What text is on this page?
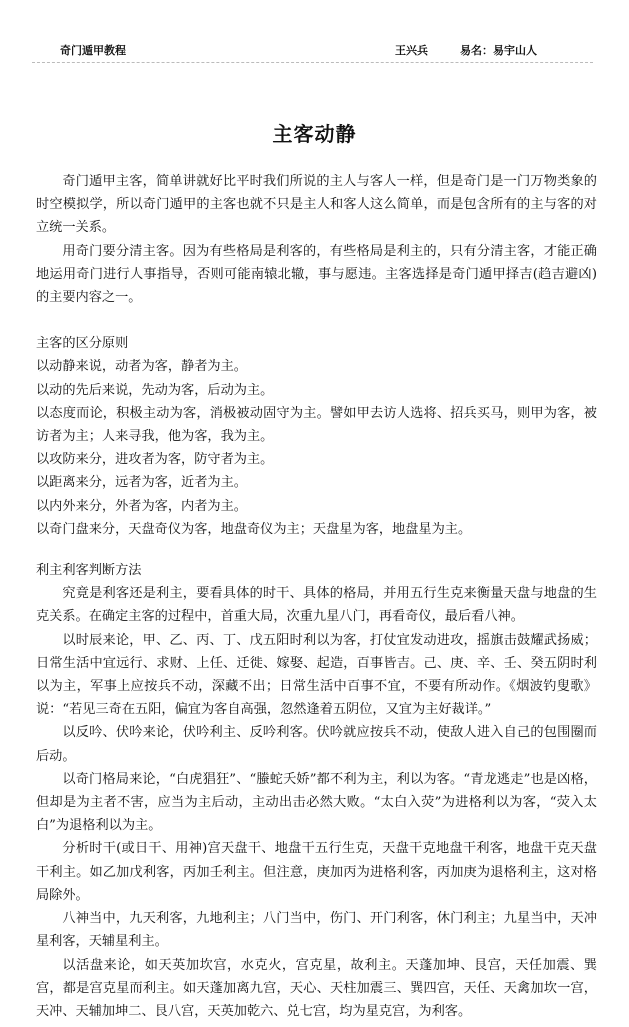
奇门遁甲教程	王兴兵	易名：易宇山人
主客动静

奇门遁甲主客，简单讲就好比平时我们所说的主人与客人一样，但是奇门是一门万物类象的时空模拟学，所以奇门遁甲的主客也就不只是主人和客人这么简单，而是包含所有的主与客的对立统一关系。

用奇门要分清主客。因为有些格局是利客的，有些格局是利主的，只有分清主客，才能正确地运用奇门进行人事指导，否则可能南辕北辙，事与愿违。主客选择是奇门遁甲择吉(趋吉避凶)的主要内容之一。

主客的区分原则

以动静来说，动者为客，静者为主。

以动的先后来说，先动为客，后动为主。

以态度而论，积极主动为客，消极被动固守为主。譬如甲去访人选将、招兵买马，则甲为客，被访者为主；人来寻我，他为客，我为主。

以攻防来分，进攻者为客，防守者为主。

以距离来分，远者为客，近者为主。

以内外来分，外者为客，内者为主。

以奇门盘来分，天盘奇仪为客，地盘奇仪为主；天盘星为客，地盘星为主。

利主利客判断方法

究竟是利客还是利主，要看具体的时干、具体的格局，并用五行生克来衡量天盘与地盘的生克关系。在确定主客的过程中，首重大局，次重九星八门，再看奇仪，最后看八神。

以时辰来论，甲、乙、丙、丁、戊五阳时利以为客，打仗宜发动进攻，摇旗击鼓耀武扬威；日常生活中宜远行、求财、上任、迁徙、嫁娶、起造，百事皆吉。己、庚、辛、壬、癸五阴时利以为主，军事上应按兵不动，深藏不出；日常生活中百事不宜，不要有所动作。《烟波钓叟歌》说：“若见三奇在五阳，偏宜为客自高强，忽然逢着五阴位，又宜为主好裁详。”

以反吟、伏吟来论，伏吟利主、反吟利客。伏吟就应按兵不动，使敌人进入自己的包围圈而后动。

以奇门格局来论，“白虎猖狂”、“螣蛇夭娇”都不利为主，利以为客。“青龙逃走”也是凶格，但却是为主者不害，应当为主后动，主动出击必然大败。“太白入荧”为进格利以为客，“荧入太白”为退格利以为主。

分析时干(或日干、用神)宫天盘干、地盘干五行生克，天盘干克地盘干利客，地盘干克天盘干利主。如乙加戊利客，丙加壬利主。但注意，庚加丙为进格利客，丙加庚为退格利主，这对格局除外。

八神当中，九天利客，九地利主；八门当中，伤门、开门利客，休门利主；九星当中，天冲星利客，天辅星利主。

以活盘来论，如天英加坎宫，水克火，宫克星，故利主。天蓬加坤、艮宫，天任加震、巽宫，都是宫克星而利主。如天蓬加离九宫，天心、天柱加震三、巽四宫，天任、天禽加坎一宫，天冲、天辅加坤二、艮八宫，天英加乾六、兑七宫，均为星克宫，为利客。
